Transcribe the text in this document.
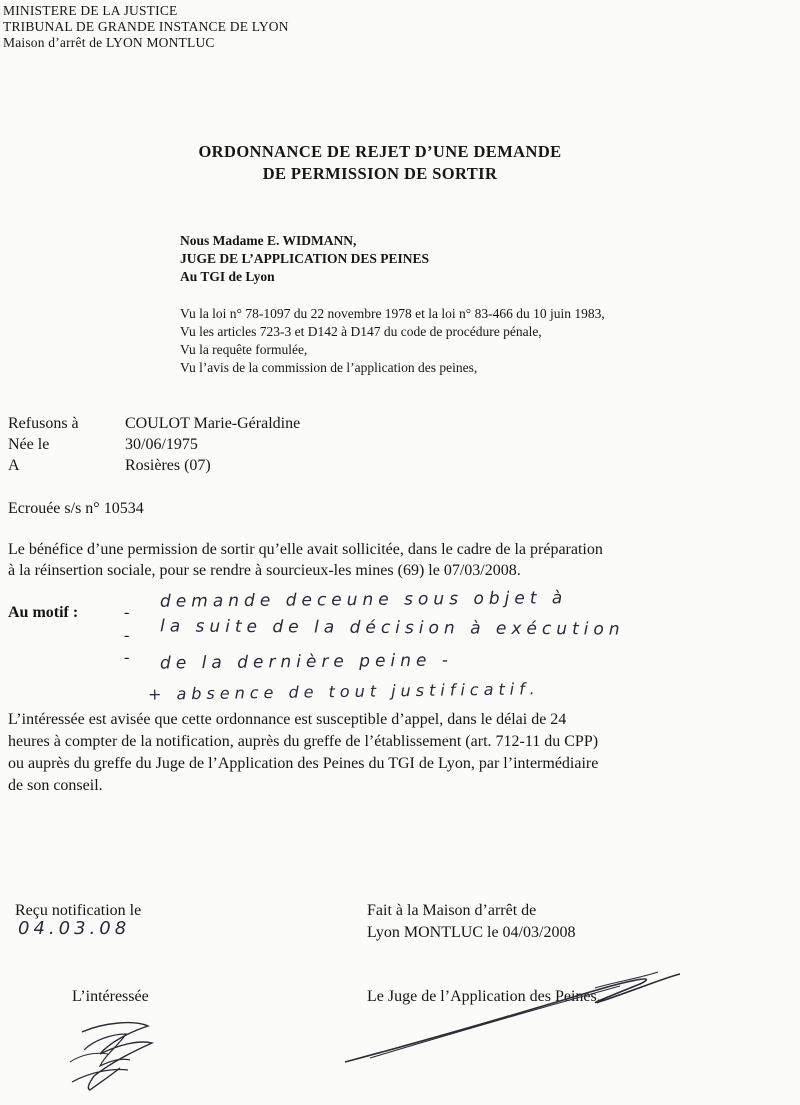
MINISTERE DE LA JUSTICE
TRIBUNAL DE GRANDE INSTANCE DE LYON
Maison d’arrêt de LYON MONTLUC
ORDONNANCE DE REJET D’UNE DEMANDE
DE PERMISSION DE SORTIR
Nous Madame E. WIDMANN,
JUGE DE L’APPLICATION DES PEINES
Au TGI de Lyon
Vu la loi n° 78-1097 du 22 novembre 1978 et la loi n° 83-466 du 10 juin 1983,
Vu les articles 723-3 et D142 à D147 du code de procédure pénale,
Vu la requête formulée,
Vu l’avis de la commission de l’application des peines,
Refusons à	COULOT Marie-Géraldine
Née le	30/06/1975
A	Rosières (07)
Ecrouée s/s n° 10534
Le bénéfice d’une permission de sortir qu’elle avait sollicitée, dans le cadre de la préparation
à la réinsertion sociale, pour se rendre à sourcieux-les mines (69) le 07/03/2008.
Au motif :	-
-
-
demande deceune sous objet à
la suite de la décision à exécution
de la dernière peine -
+ absence de tout justificatif.
L’intéressée est avisée que cette ordonnance est susceptible d’appel, dans le délai de 24
heures à compter de la notification, auprès du greffe de l’établissement (art. 712-11 du CPP)
ou auprès du greffe du Juge de l’Application des Peines du TGI de Lyon, par l’intermédiaire
de son conseil.
Reçu notification le
04.03.08
Fait à la Maison d’arrêt de
Lyon MONTLUC le 04/03/2008
L’intéressée	Le Juge de l’Application des Peines,
